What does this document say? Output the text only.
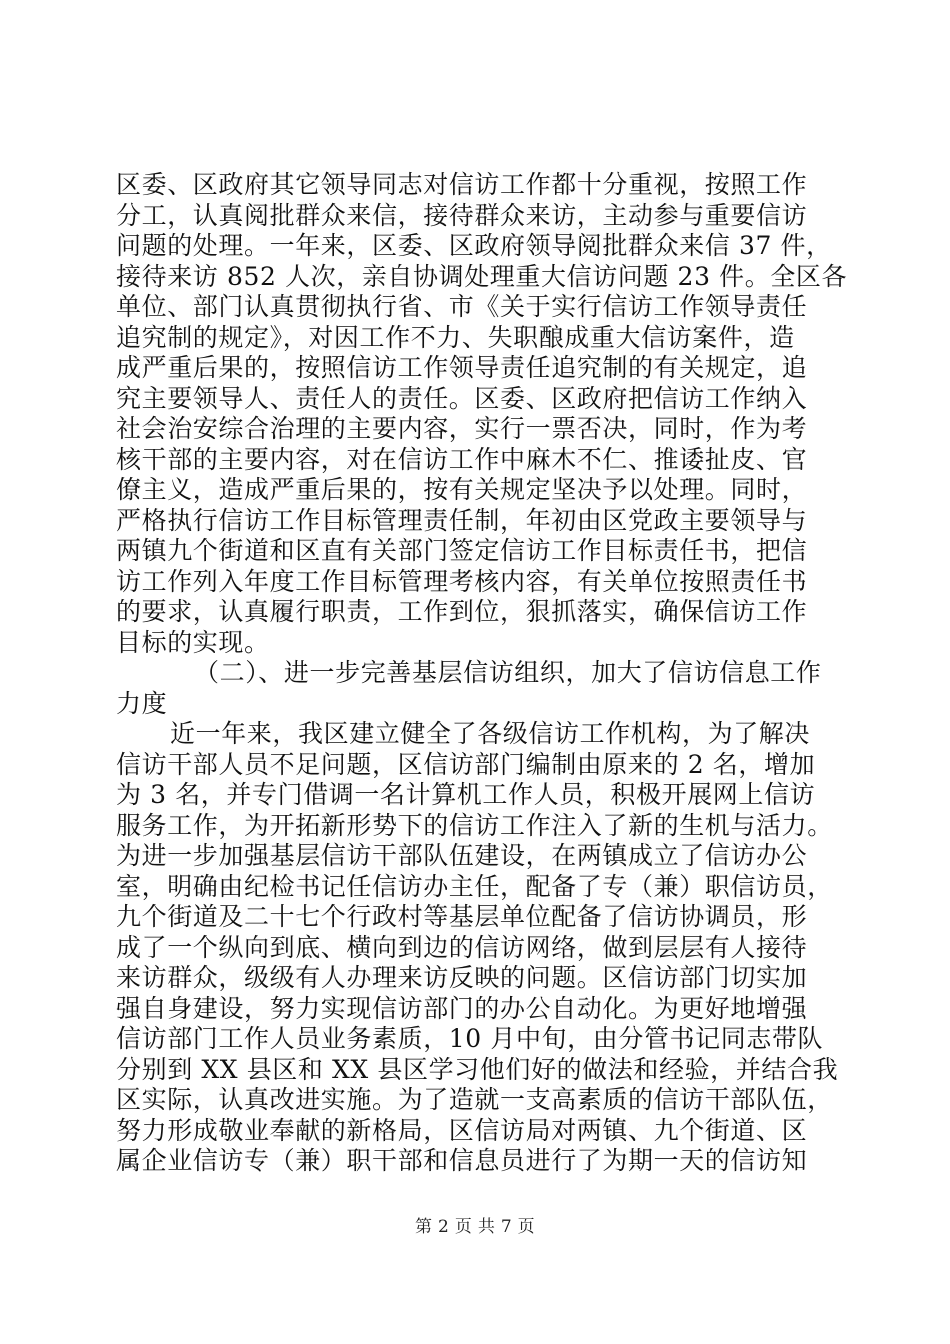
区委、区政府其它领导同志对信访工作都十分重视，按照工作
分工，认真阅批群众来信，接待群众来访，主动参与重要信访
问题的处理。一年来，区委、区政府领导阅批群众来信 37 件，
接待来访 852 人次，亲自协调处理重大信访问题 23 件。全区各
单位、部门认真贯彻执行省、市《关于实行信访工作领导责任
追究制的规定》，对因工作不力、失职酿成重大信访案件，造
成严重后果的，按照信访工作领导责任追究制的有关规定，追
究主要领导人、责任人的责任。区委、区政府把信访工作纳入
社会治安综合治理的主要内容，实行一票否决，同时，作为考
核干部的主要内容，对在信访工作中麻木不仁、推诿扯皮、官
僚主义，造成严重后果的，按有关规定坚决予以处理。同时，
严格执行信访工作目标管理责任制，年初由区党政主要领导与
两镇九个街道和区直有关部门签定信访工作目标责任书，把信
访工作列入年度工作目标管理考核内容，有关单位按照责任书
的要求，认真履行职责，工作到位，狠抓落实，确保信访工作
目标的实现。
（二）、进一步完善基层信访组织，加大了信访信息工作
力度
近一年来，我区建立健全了各级信访工作机构，为了解决
信访干部人员不足问题，区信访部门编制由原来的 2 名，增加
为 3 名，并专门借调一名计算机工作人员，积极开展网上信访
服务工作，为开拓新形势下的信访工作注入了新的生机与活力。
为进一步加强基层信访干部队伍建设，在两镇成立了信访办公
室，明确由纪检书记任信访办主任，配备了专（兼）职信访员，
九个街道及二十七个行政村等基层单位配备了信访协调员，形
成了一个纵向到底、横向到边的信访网络，做到层层有人接待
来访群众，级级有人办理来访反映的问题。区信访部门切实加
强自身建设，努力实现信访部门的办公自动化。为更好地增强
信访部门工作人员业务素质，10 月中旬，由分管书记同志带队
分别到 XX 县区和 XX 县区学习他们好的做法和经验，并结合我
区实际，认真改进实施。为了造就一支高素质的信访干部队伍，
努力形成敬业奉献的新格局，区信访局对两镇、九个街道、区
属企业信访专（兼）职干部和信息员进行了为期一天的信访知
第 2 页 共 7 页
